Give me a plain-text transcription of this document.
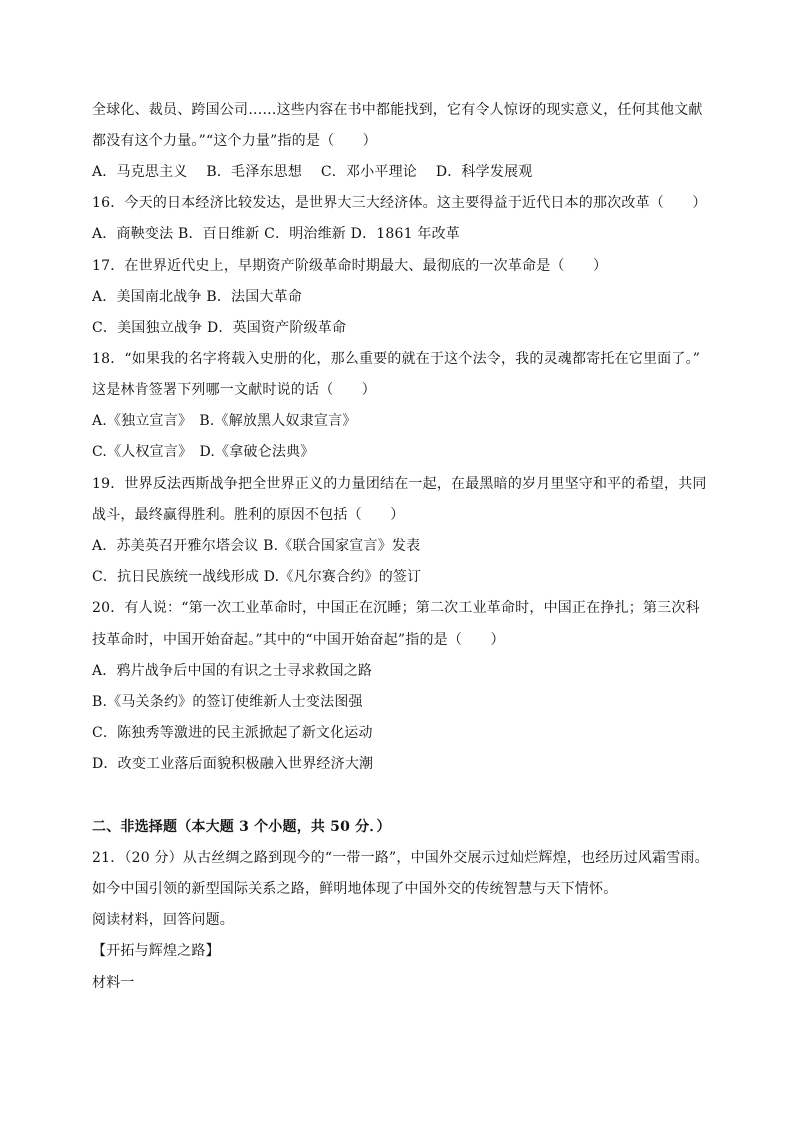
全球化、裁员、跨国公司……这些内容在书中都能找到，它有令人惊讶的现实意义，任何其他文献
都没有这个力量。”“这个力量”指的是（　　）
A．马克思主义　 B．毛泽东思想　 C．邓小平理论　 D．科学发展观
16．今天的日本经济比较发达，是世界大三大经济体。这主要得益于近代日本的那次改革（　　）
A．商鞅变法 B．百日维新 C．明治维新 D．1861 年改革
17．在世界近代史上，早期资产阶级革命时期最大、最彻底的一次革命是（　　）
A．美国南北战争 B．法国大革命
C．美国独立战争 D．英国资产阶级革命
18．“如果我的名字将载入史册的化，那么重要的就在于这个法令，我的灵魂都寄托在它里面了。”
这是林肯签署下列哪一文献时说的话（　　）
A.《独立宣言》　B.《解放黑人奴隶宣言》
C.《人权宣言》　D.《拿破仑法典》
19．世界反法西斯战争把全世界正义的力量团结在一起，在最黑暗的岁月里坚守和平的希望，共同
战斗，最终赢得胜利。胜利的原因不包括（　　）
A．苏美英召开雅尔塔会议 B.《联合国家宣言》发表
C．抗日民族统一战线形成 D.《凡尔赛合约》的签订
20．有人说：“第一次工业革命时，中国正在沉睡；第二次工业革命时，中国正在挣扎；第三次科
技革命时，中国开始奋起。”其中的“中国开始奋起”指的是（　　）
A．鸦片战争后中国的有识之士寻求救国之路
B.《马关条约》的签订使维新人士变法图强
C．陈独秀等激进的民主派掀起了新文化运动
D．改变工业落后面貌积极融入世界经济大潮
二、非选择题（本大题 3 个小题，共 50 分．）
21．（20 分）从古丝绸之路到现今的“一带一路”，中国外交展示过灿烂辉煌，也经历过风霜雪雨。
如今中国引领的新型国际关系之路，鲜明地体现了中国外交的传统智慧与天下情怀。
阅读材料，回答问题。
【开拓与辉煌之路】
材料一
